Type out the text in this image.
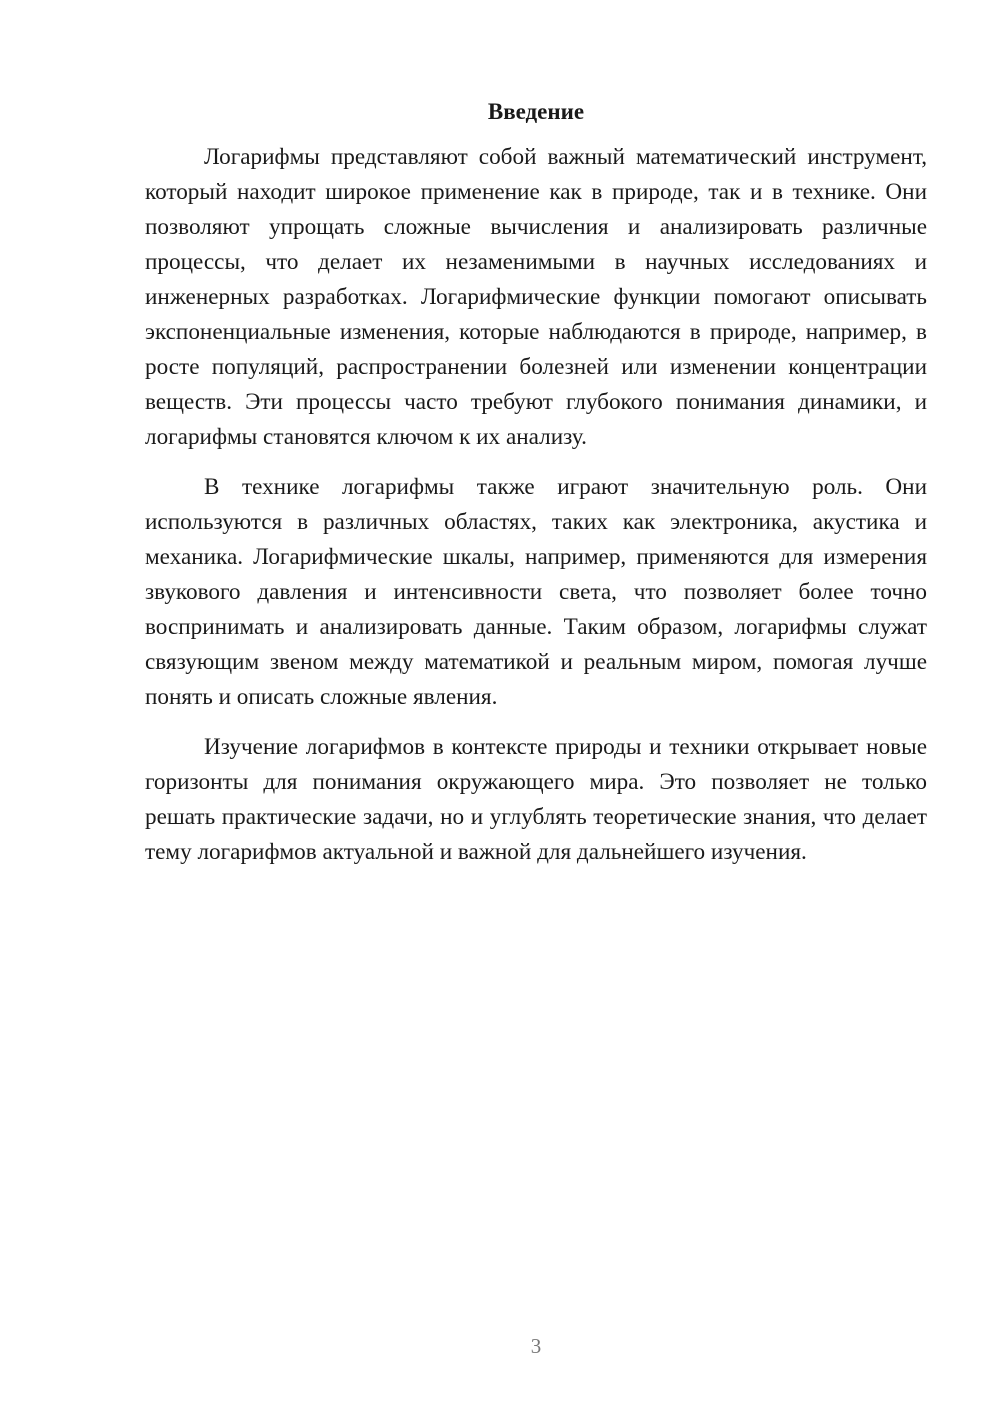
Введение

Логарифмы представляют собой важный математический инструмент, который находит широкое применение как в природе, так и в технике. Они позволяют упрощать сложные вычисления и анализировать различные процессы, что делает их незаменимыми в научных исследованиях и инженерных разработках. Логарифмические функции помогают описывать экспоненциальные изменения, которые наблюдаются в природе, например, в росте популяций, распространении болезней или изменении концентрации веществ. Эти процессы часто требуют глубокого понимания динамики, и логарифмы становятся ключом к их анализу.

В технике логарифмы также играют значительную роль. Они используются в различных областях, таких как электроника, акустика и механика. Логарифмические шкалы, например, применяются для измерения звукового давления и интенсивности света, что позволяет более точно воспринимать и анализировать данные. Таким образом, логарифмы служат связующим звеном между математикой и реальным миром, помогая лучше понять и описать сложные явления.

Изучение логарифмов в контексте природы и техники открывает новые горизонты для понимания окружающего мира. Это позволяет не только решать практические задачи, но и углублять теоретические знания, что делает тему логарифмов актуальной и важной для дальнейшего изучения.

3
